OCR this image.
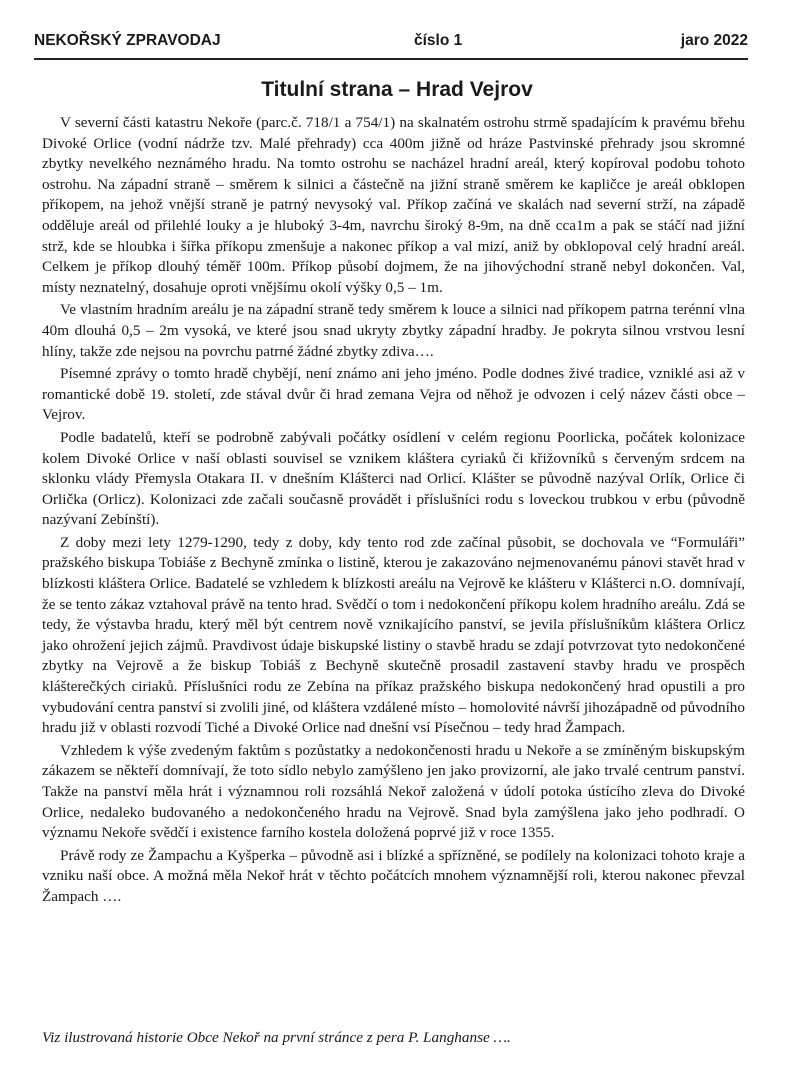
NEKOŘSKÝ ZPRAVODAJ	číslo 1	jaro 2022
Titulní strana – Hrad Vejrov

V severní části katastru Nekoře (parc.č. 718/1 a 754/1) na skalnatém ostrohu strmě spadajícím k pravému břehu Divoké Orlice (vodní nádrže tzv. Malé přehrady) cca 400m jižně od hráze Pastvinské přehrady jsou skromné zbytky nevelkého neznámého hradu. Na tomto ostrohu se nacházel hradní areál, který kopíroval podobu tohoto ostrohu. Na západní straně – směrem k silnici a částečně na jižní straně směrem ke kapličce je areál obklopen příkopem, na jehož vnější straně je patrný nevysoký val. Příkop začíná ve skalách nad severní strží, na západě odděluje areál od přilehlé louky a je hluboký 3-4m, navrchu široký 8-9m, na dně cca1m a pak se stáčí nad jižní strž, kde se hloubka i šířka příkopu zmenšuje a nakonec příkop a val mizí, aniž by obklopoval celý hradní areál. Celkem je příkop dlouhý téměř 100m. Příkop působí dojmem, že na jihovýchodní straně nebyl dokončen. Val, místy neznatelný, dosahuje oproti vnějšímu okolí výšky 0,5 – 1m.

Ve vlastním hradním areálu je na západní straně tedy směrem k louce a silnici nad příkopem patrna terénní vlna 40m dlouhá 0,5 – 2m vysoká, ve které jsou snad ukryty zbytky západní hradby. Je pokryta silnou vrstvou lesní hlíny, takže zde nejsou na povrchu patrné žádné zbytky zdiva….

Písemné zprávy o tomto hradě chybějí, není známo ani jeho jméno. Podle dodnes živé tradice, vzniklé asi až v romantické době 19. století, zde stával dvůr či hrad zemana Vejra od něhož je odvozen i celý název části obce – Vejrov.

Podle badatelů, kteří se podrobně zabývali počátky osídlení v celém regionu Poorlicka, počátek kolonizace kolem Divoké Orlice v naší oblasti souvisel se vznikem kláštera cyriaků či křižovníků s červeným srdcem na sklonku vlády Přemysla Otakara II. v dnešním Klášterci nad Orlicí. Klášter se původně nazýval Orlík, Orlice či Orlička (Orlicz). Kolonizaci zde začali současně provádět i příslušníci rodu s loveckou trubkou v erbu (původně nazývaní Zebínští).

Z doby mezi lety 1279-1290, tedy z doby, kdy tento rod zde začínal působit, se dochovala ve “Formuláři” pražského biskupa Tobiáše z Bechyně zmínka o listině, kterou je zakazováno nejmenovanému pánovi stavět hrad v blízkosti kláštera Orlice. Badatelé se vzhledem k blízkosti areálu na Vejrově ke klášteru v Klášterci n.O. domnívají, že se tento zákaz vztahoval právě na tento hrad. Svědčí o tom i nedokončení příkopu kolem hradního areálu. Zdá se tedy, že výstavba hradu, který měl být centrem nově vznikajícího panství, se jevila příslušníkům kláštera Orlicz jako ohrožení jejich zájmů. Pravdivost údaje biskupské listiny o stavbě hradu se zdají potvrzovat tyto nedokončené zbytky na Vejrově a že biskup Tobiáš z Bechyně skutečně prosadil zastavení stavby hradu ve prospěch klášterečkých ciriaků. Příslušníci rodu ze Zebína na příkaz pražského biskupa nedokončený hrad opustili a pro vybudování centra panství si zvolili jiné, od kláštera vzdálené místo – homolovité návrší jihozápadně od původního hradu již v oblasti rozvodí Tiché a Divoké Orlice nad dnešní vsí Písečnou – tedy hrad Žampach.

Vzhledem k výše zvedeným faktům s pozůstatky a nedokončenosti hradu u Nekoře a se zmíněným biskupským zákazem se někteří domnívají, že toto sídlo nebylo zamýšleno jen jako provizorní, ale jako trvalé centrum panství. Takže na panství měla hrát i významnou roli rozsáhlá Nekoř založená v údolí potoka ústícího zleva do Divoké Orlice, nedaleko budovaného a nedokončeného hradu na Vejrově. Snad byla zamýšlena jako jeho podhradí. O významu Nekoře svědčí i existence farního kostela doložená poprvé již v roce 1355.

Právě rody ze Žampachu a Kyšperka – původně asi i blízké a spřízněné, se podílely na kolonizaci tohoto kraje a vzniku naší obce. A možná měla Nekoř hrát v těchto počátcích mnohem významnější roli, kterou nakonec převzal Žampach ….

Viz ilustrovaná historie Obce Nekoř na první stránce z pera P. Langhanse ….
